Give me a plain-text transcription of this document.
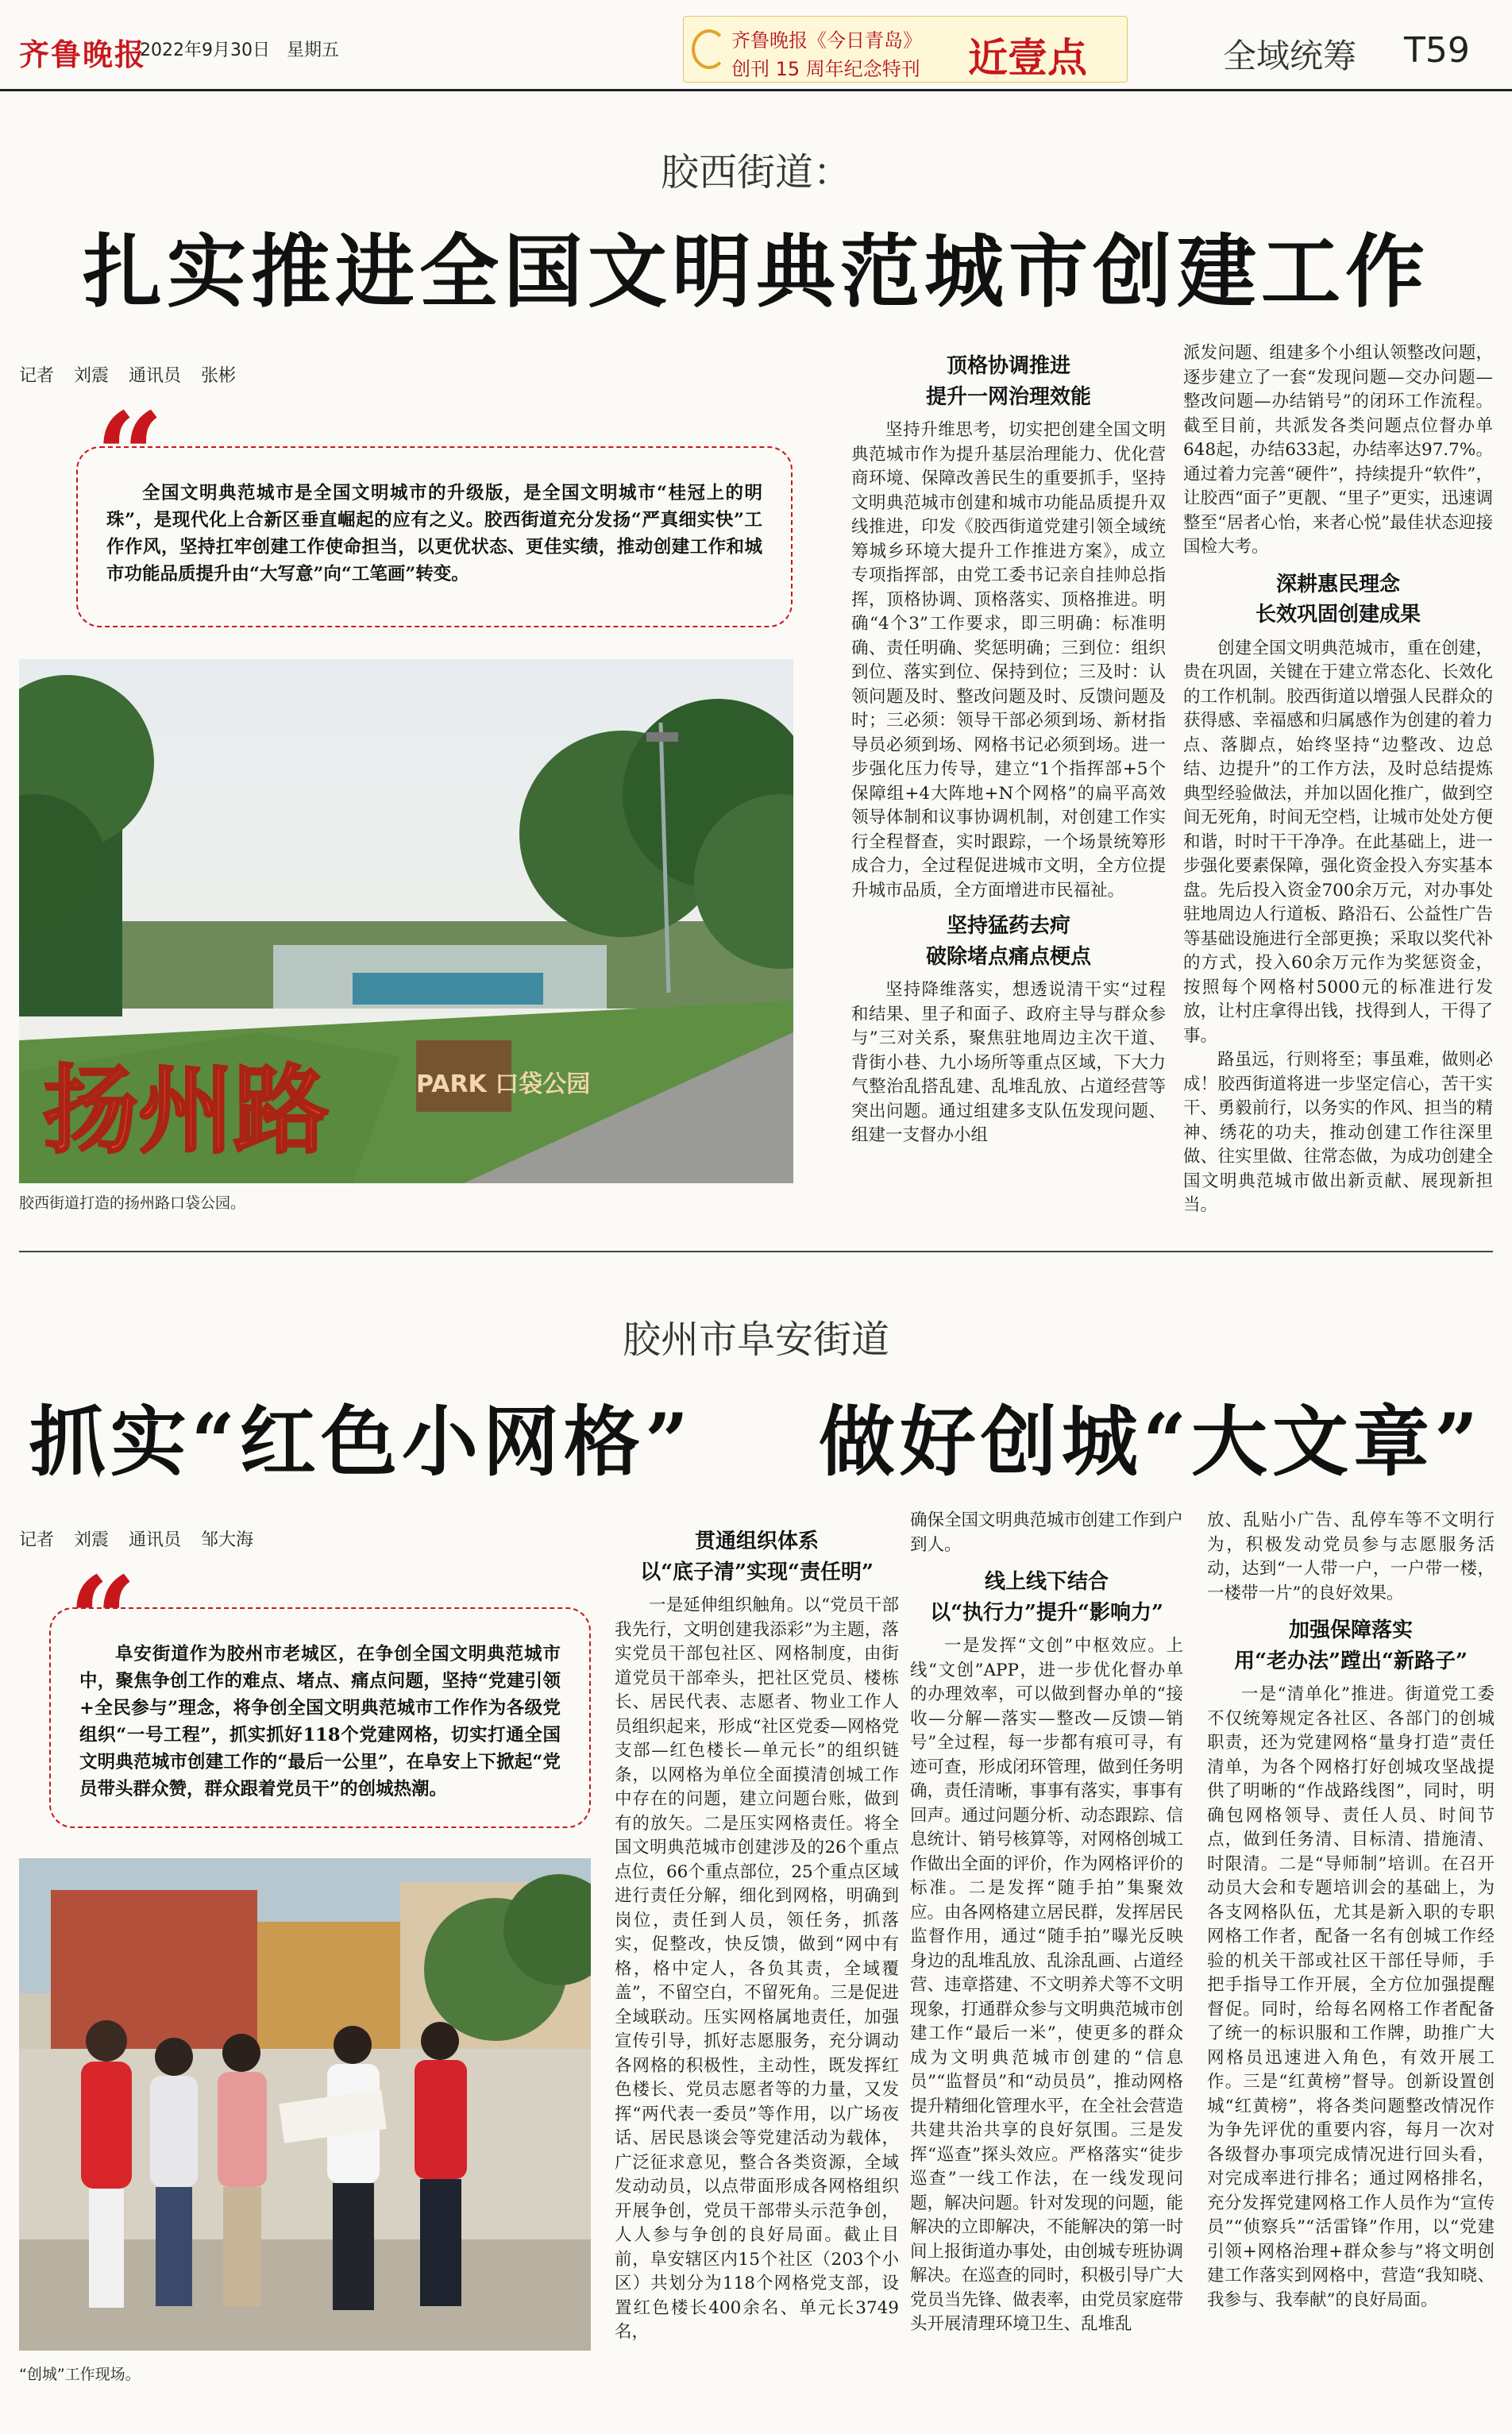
齐鲁晚报
2022年9月30日 星期五	齐鲁晚报《今日青岛》
创刊 15 周年纪念特刊 近壹点	全域统筹 T59
胶西街道：
扎实推进全国文明典范城市创建工作
记者 刘震 通讯员 张彬
“
全国文明典范城市是全国文明城市的升级版，是全国文明城市“桂冠上的明珠”，是现代化上合新区垂直崛起的应有之义。胶西街道充分发扬“严真细实快”工作作风，坚持扛牢创建工作使命担当，以更优状态、更佳实绩，推动创建工作和城市功能品质提升由“大写意”向“工笔画”转变。
扬州路	PARK 口袋公园
胶西街道打造的扬州路口袋公园。
顶格协调推进
提升一网治理效能

坚持升维思考，切实把创建全国文明典范城市作为提升基层治理能力、优化营商环境、保障改善民生的重要抓手，坚持文明典范城市创建和城市功能品质提升双线推进，印发《胶西街道党建引领全域统筹城乡环境大提升工作推进方案》，成立专项指挥部，由党工委书记亲自挂帅总指挥，顶格协调、顶格落实、顶格推进。明确“4个3”工作要求，即三明确：标准明确、责任明确、奖惩明确；三到位：组织到位、落实到位、保持到位；三及时：认领问题及时、整改问题及时、反馈问题及时；三必须：领导干部必须到场、新材指导员必须到场、网格书记必须到场。进一步强化压力传导，建立“1个指挥部+5个保障组+4大阵地+N个网格”的扁平高效领导体制和议事协调机制，对创建工作实行全程督查，实时跟踪，一个场景统筹形成合力，全过程促进城市文明，全方位提升城市品质，全方面增进市民福祉。

坚持猛药去疴
破除堵点痛点梗点

坚持降维落实，想透说清干实“过程和结果、里子和面子、政府主导与群众参与”三对关系，聚焦驻地周边主次干道、背街小巷、九小场所等重点区域，下大力气整治乱搭乱建、乱堆乱放、占道经营等突出问题。通过组建多支队伍发现问题、组建一支督办小组

派发问题、组建多个小组认领整改问题，逐步建立了一套“发现问题—交办问题—整改问题—办结销号”的闭环工作流程。截至目前，共派发各类问题点位督办单648起，办结633起，办结率达97.7%。通过着力完善“硬件”，持续提升“软件”，让胶西“面子”更靓、“里子”更实，迅速调整至“居者心怡，来者心悦”最佳状态迎接国检大考。

深耕惠民理念
长效巩固创建成果

创建全国文明典范城市，重在创建，贵在巩固，关键在于建立常态化、长效化的工作机制。胶西街道以增强人民群众的获得感、幸福感和归属感作为创建的着力点、落脚点，始终坚持“边整改、边总结、边提升”的工作方法，及时总结提炼典型经验做法，并加以固化推广，做到空间无死角，时间无空档，让城市处处方便和谐，时时干干净净。在此基础上，进一步强化要素保障，强化资金投入夯实基本盘。先后投入资金700余万元，对办事处驻地周边人行道板、路沿石、公益性广告等基础设施进行全部更换；采取以奖代补的方式，投入60余万元作为奖惩资金，按照每个网格村5000元的标准进行发放，让村庄拿得出钱，找得到人，干得了事。

路虽远，行则将至；事虽难，做则必成！胶西街道将进一步坚定信心，苦干实干、勇毅前行，以务实的作风、担当的精神、绣花的功夫，推动创建工作往深里做、往实里做、往常态做，为成功创建全国文明典范城市做出新贡献、展现新担当。

胶州市阜安街道
抓实“红色小网格” 做好创城“大文章”
记者 刘震 通讯员 邹大海
“
阜安街道作为胶州市老城区，在争创全国文明典范城市中，聚焦争创工作的难点、堵点、痛点问题，坚持“党建引领+全民参与”理念，将争创全国文明典范城市工作作为各级党组织“一号工程”，抓实抓好118个党建网格，切实打通全国文明典范城市创建工作的“最后一公里”，在阜安上下掀起“党员带头群众赞，群众跟着党员干”的创城热潮。
“创城”工作现场。
贯通组织体系
以“底子清”实现“责任明”

一是延伸组织触角。以“党员干部我先行，文明创建我添彩”为主题，落实党员干部包社区、网格制度，由街道党员干部牵头，把社区党员、楼栋长、居民代表、志愿者、物业工作人员组织起来，形成“社区党委—网格党支部—红色楼长—单元长”的组织链条，以网格为单位全面摸清创城工作中存在的问题，建立问题台账，做到有的放矢。二是压实网格责任。将全国文明典范城市创建涉及的26个重点点位，66个重点部位，25个重点区域进行责任分解，细化到网格，明确到岗位，责任到人员，领任务，抓落实，促整改，快反馈，做到“网中有格，格中定人，各负其责，全域覆盖”，不留空白，不留死角。三是促进全域联动。压实网格属地责任，加强宣传引导，抓好志愿服务，充分调动各网格的积极性，主动性，既发挥红色楼长、党员志愿者等的力量，又发挥“两代表一委员”等作用，以广场夜话、居民恳谈会等党建活动为载体，广泛征求意见，整合各类资源，全域发动动员，以点带面形成各网格组织开展争创，党员干部带头示范争创，人人参与争创的良好局面。截止目前，阜安辖区内15个社区（203个小区）共划分为118个网格党支部，设置红色楼长400余名、单元长3749名，

确保全国文明典范城市创建工作到户到人。

线上线下结合
以“执行力”提升“影响力”

一是发挥“文创”中枢效应。上线“文创”APP，进一步优化督办单的办理效率，可以做到督办单的“接收—分解—落实—整改—反馈—销号”全过程，每一步都有痕可寻，有迹可查，形成闭环管理，做到任务明确，责任清晰，事事有落实，事事有回声。通过问题分析、动态跟踪、信息统计、销号核算等，对网格创城工作做出全面的评价，作为网格评价的标准。二是发挥“随手拍”集聚效应。由各网格建立居民群，发挥居民监督作用，通过“随手拍”曝光反映身边的乱堆乱放、乱涂乱画、占道经营、违章搭建、不文明养犬等不文明现象，打通群众参与文明典范城市创建工作“最后一米”，使更多的群众成为文明典范城市创建的“信息员”“监督员”和“动员员”，推动网格提升精细化管理水平，在全社会营造共建共治共享的良好氛围。三是发挥“巡查”探头效应。严格落实“徒步巡查”一线工作法，在一线发现问题，解决问题。针对发现的问题，能解决的立即解决，不能解决的第一时间上报街道办事处，由创城专班协调解决。在巡查的同时，积极引导广大党员当先锋、做表率，由党员家庭带头开展清理环境卫生、乱堆乱

放、乱贴小广告、乱停车等不文明行为，积极发动党员参与志愿服务活动，达到“一人带一户，一户带一楼，一楼带一片”的良好效果。

加强保障落实
用“老办法”蹚出“新路子”

一是“清单化”推进。街道党工委不仅统筹规定各社区、各部门的创城职责，还为党建网格“量身打造”责任清单，为各个网格打好创城攻坚战提供了明晰的“作战路线图”，同时，明确包网格领导、责任人员、时间节点，做到任务清、目标清、措施清、时限清。二是“导师制”培训。在召开动员大会和专题培训会的基础上，为各支网格队伍，尤其是新入职的专职网格工作者，配备一名有创城工作经验的机关干部或社区干部任导师，手把手指导工作开展，全方位加强提醒督促。同时，给每名网格工作者配备了统一的标识服和工作牌，助推广大网格员迅速进入角色，有效开展工作。三是“红黄榜”督导。创新设置创城“红黄榜”，将各类问题整改情况作为争先评优的重要内容，每月一次对各级督办事项完成情况进行回头看，对完成率进行排名；通过网格排名，充分发挥党建网格工作人员作为“宣传员”“侦察兵”“活雷锋”作用，以“党建引领+网格治理+群众参与”将文明创建工作落实到网格中，营造“我知晓、我参与、我奉献”的良好局面。
